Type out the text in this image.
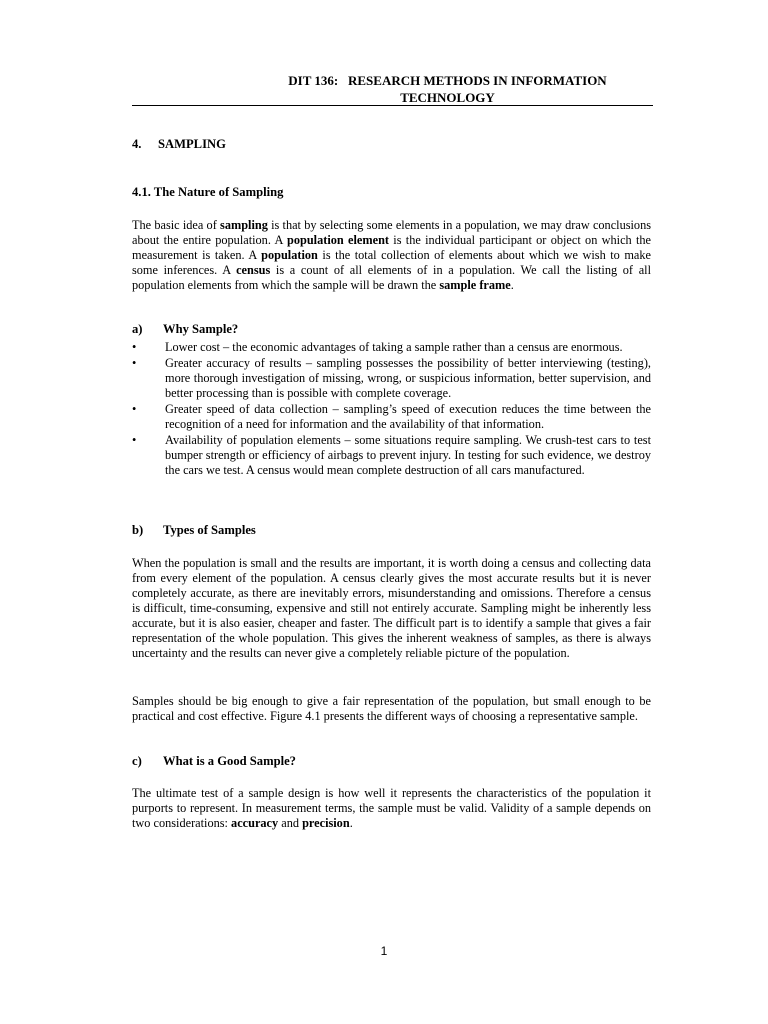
DIT 136:   RESEARCH METHODS IN INFORMATION
TECHNOLOGY
4. SAMPLING
4.1. The Nature of Sampling

The basic idea of sampling is that by selecting some elements in a population, we may draw conclusions about the entire population. A population element is the individual participant or object on which the measurement is taken. A population is the total collection of elements about which we wish to make some inferences. A census is a count of all elements of in a population. We call the listing of all population elements from which the sample will be drawn the sample frame.

a) Why Sample?
• Lower cost – the economic advantages of taking a sample rather than a census are enormous.
• Greater accuracy of results – sampling possesses the possibility of better interviewing (testing), more thorough investigation of missing, wrong, or suspicious information, better supervision, and better processing than is possible with complete coverage.
• Greater speed of data collection – sampling’s speed of execution reduces the time between the recognition of a need for information and the availability of that information.
• Availability of population elements – some situations require sampling. We crush-test cars to test bumper strength or efficiency of airbags to prevent injury. In testing for such evidence, we destroy the cars we test. A census would mean complete destruction of all cars manufactured.
b) Types of Samples

When the population is small and the results are important, it is worth doing a census and collecting data from every element of the population. A census clearly gives the most accurate results but it is never completely accurate, as there are inevitably errors, misunderstanding and omissions. Therefore a census is difficult, time-consuming, expensive and still not entirely accurate. Sampling might be inherently less accurate, but it is also easier, cheaper and faster. The difficult part is to identify a sample that gives a fair representation of the whole population. This gives the inherent weakness of samples, as there is always uncertainty and the results can never give a completely reliable picture of the population.

Samples should be big enough to give a fair representation of the population, but small enough to be practical and cost effective. Figure 4.1 presents the different ways of choosing a representative sample.

c) What is a Good Sample?

The ultimate test of a sample design is how well it represents the characteristics of the population it purports to represent. In measurement terms, the sample must be valid. Validity of a sample depends on two considerations: accuracy and precision.

1
